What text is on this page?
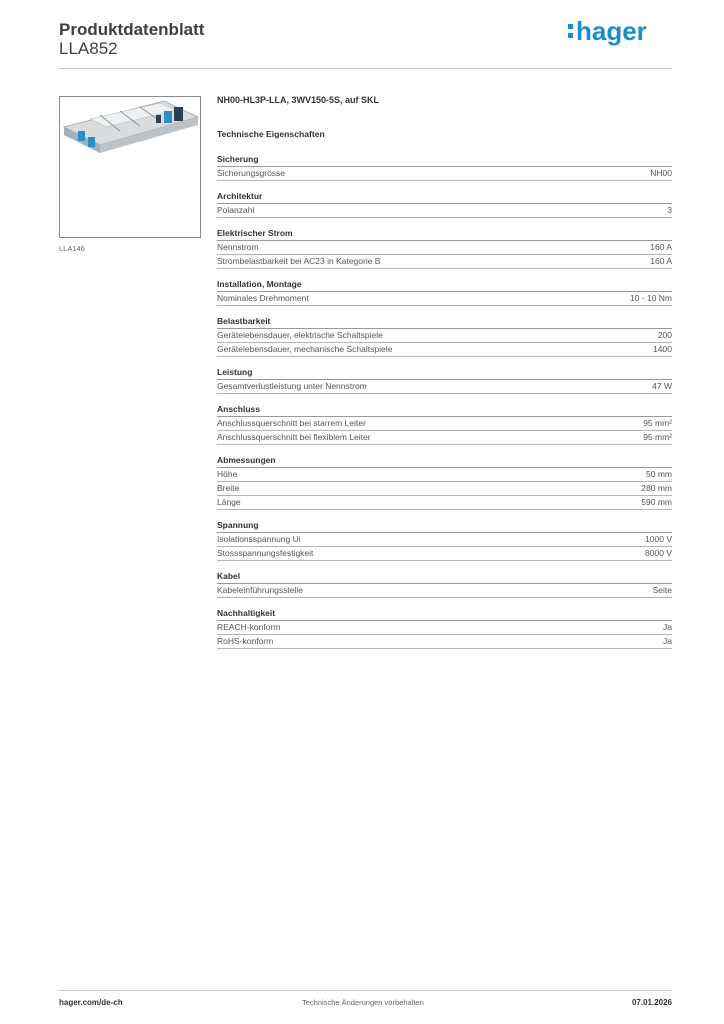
Produktdatenblatt
LLA852
hager
LLA146
NH00-HL3P-LLA, 3WV150-5S, auf SKL
Technische Eigenschaften
Sicherung
Sicherungsgrösse	NH00
Architektur
Polanzahl	3
Elektrischer Strom
Nennstrom	160 A
Strombelastbarkeit bei AC23 in Kategorie B	160 A
Installation, Montage
Nominales Drehmoment	10 - 10 Nm
Belastbarkeit
Gerätelebensdauer, elektrische Schaltspiele	200
Gerätelebensdauer, mechanische Schaltspiele	1400
Leistung
Gesamtverlustleistung unter Nennstrom	47 W
Anschluss
Anschlussquerschnitt bei starrem Leiter	95 mm²
Anschlussquerschnitt bei flexiblem Leiter	95 mm²
Abmessungen
Höhe	50 mm
Breite	280 mm
Länge	590 mm
Spannung
Isolationsspannung Ui	1000 V
Stossspannungsfestigkeit	8000 V
Kabel
Kabeleinführungsstelle	Seite
Nachhaltigkeit
REACH-konform	Ja
RoHS-konform	Ja
hager.com/de-ch	Technische Änderungen vorbehalten	07.01.2026
